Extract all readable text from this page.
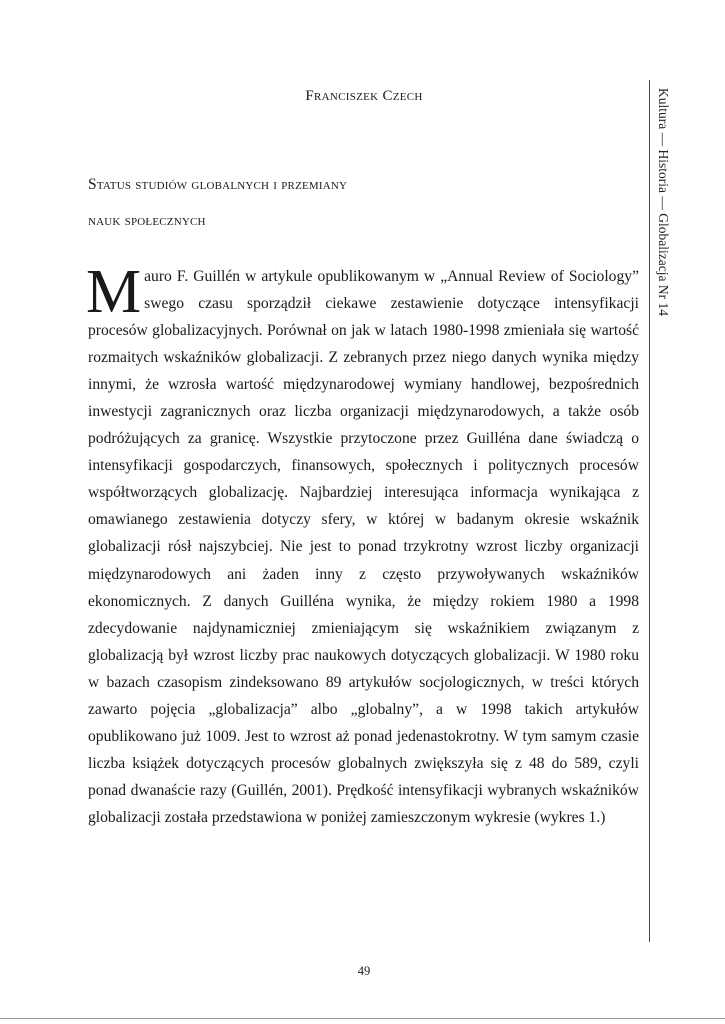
Franciszek Czech
Status studiów globalnych i przemiany
nauk społecznych

Mauro F. Guillén w artykule opublikowanym w „Annual Review of Sociology” swego czasu sporządził ciekawe zestawienie dotyczące intensyfikacji procesów globalizacyjnych. Porównał on jak w latach 1980-1998 zmieniała się wartość rozmaitych wskaźników globalizacji. Z zebranych przez niego danych wynika między innymi, że wzrosła wartość międzynarodowej wymiany handlowej, bezpośrednich inwestycji zagranicznych oraz liczba organizacji międzynarodowych, a także osób podróżujących za granicę. Wszystkie przytoczone przez Guilléna dane świadczą o intensyfikacji gospodarczych, finansowych, społecznych i politycznych procesów współtworzących globalizację. Najbardziej interesująca informacja wynikająca z omawianego zestawienia dotyczy sfery, w której w badanym okresie wskaźnik globalizacji rósł najszybciej. Nie jest to ponad trzykrotny wzrost liczby organizacji międzynarodowych ani żaden inny z często przywoływanych wskaźników ekonomicznych. Z danych Guilléna wynika, że między rokiem 1980 a 1998 zdecydowanie najdynamiczniej zmieniającym się wskaźnikiem związanym z globalizacją był wzrost liczby prac naukowych dotyczących globalizacji. W 1980 roku w bazach czasopism zindeksowano 89 artykułów socjologicznych, w treści których zawarto pojęcia „globalizacja” albo „globalny”, a w 1998 takich artykułów opublikowano już 1009. Jest to wzrost aż ponad jedenastokrotny. W tym samym czasie liczba książek dotyczących procesów globalnych zwiększyła się z 48 do 589, czyli ponad dwanaście razy (Guillén, 2001). Prędkość intensyfikacji wybranych wskaźników globalizacji została przedstawiona w poniżej zamieszczonym wykresie (wykres 1.)

Kultura — Historia — Globalizacja Nr 14
49
